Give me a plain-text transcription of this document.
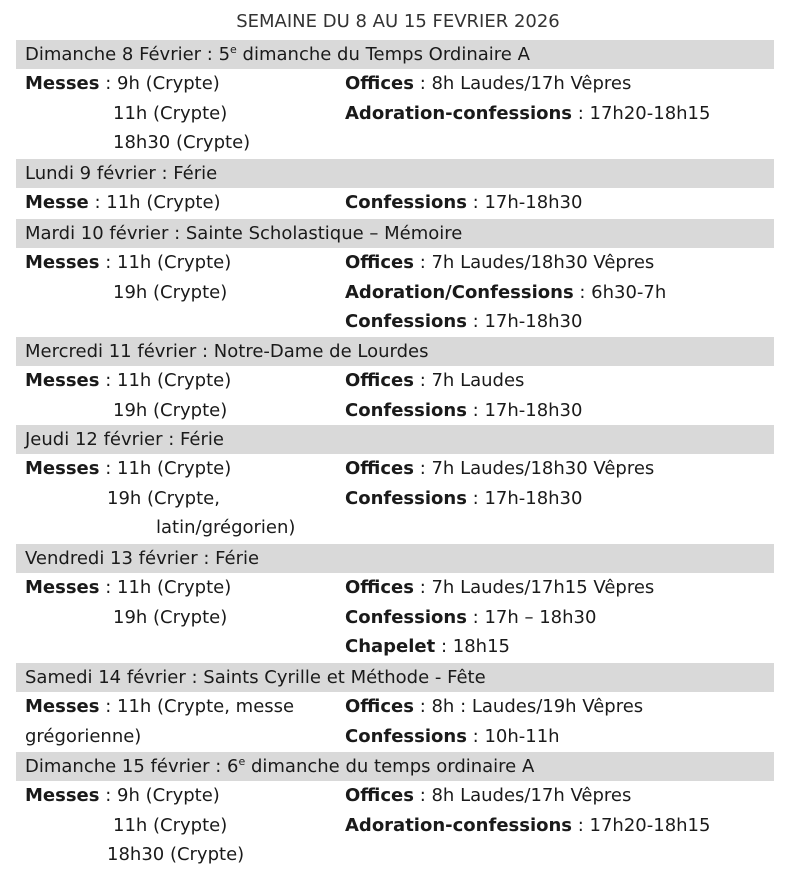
SEMAINE DU 8 AU 15 FEVRIER 2026
Dimanche 8 Février : 5e dimanche du Temps Ordinaire A
Messes : 9h (Crypte)
11h (Crypte)
18h30 (Crypte)
Offices : 8h Laudes/17h Vêpres
Adoration-confessions : 17h20-18h15
Lundi 9 février : Férie
Messe : 11h (Crypte)	Confessions : 17h-18h30
Mardi 10 février : Sainte Scholastique – Mémoire
Messes : 11h (Crypte)
19h (Crypte)
Offices : 7h Laudes/18h30 Vêpres
Adoration/Confessions : 6h30-7h
Confessions : 17h-18h30
Mercredi 11 février : Notre-Dame de Lourdes
Messes : 11h (Crypte)
19h (Crypte)
Offices : 7h Laudes
Confessions : 17h-18h30
Jeudi 12 février : Férie
Messes : 11h (Crypte)
19h (Crypte,
latin/grégorien)
Offices : 7h Laudes/18h30 Vêpres
Confessions : 17h-18h30
Vendredi 13 février : Férie
Messes : 11h (Crypte)
19h (Crypte)
Offices : 7h Laudes/17h15 Vêpres
Confessions : 17h – 18h30
Chapelet : 18h15
Samedi 14 février : Saints Cyrille et Méthode - Fête
Messes : 11h (Crypte, messe
grégorienne)
Offices : 8h : Laudes/19h Vêpres
Confessions : 10h-11h
Dimanche 15 février : 6e dimanche du temps ordinaire A
Messes : 9h (Crypte)
11h (Crypte)
18h30 (Crypte)
Offices : 8h Laudes/17h Vêpres
Adoration-confessions : 17h20-18h15
